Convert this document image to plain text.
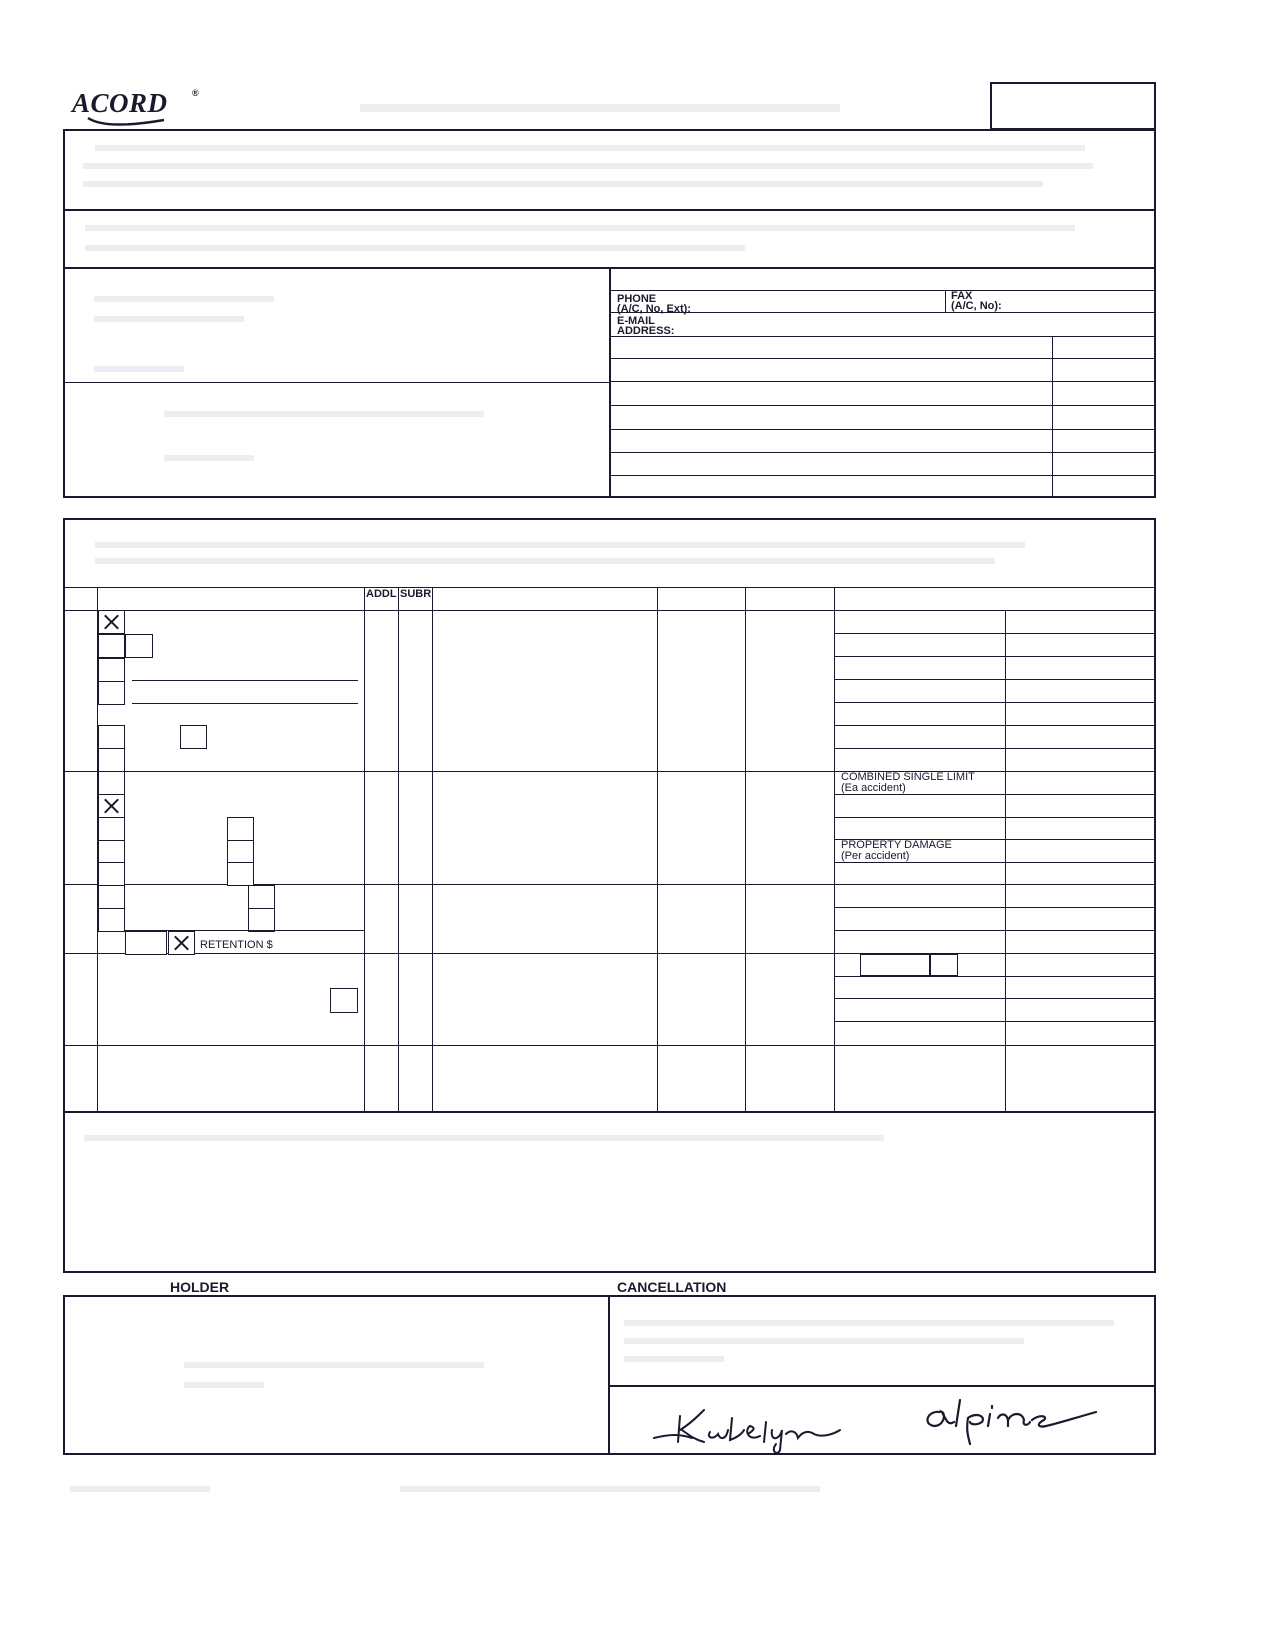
ACORD	®
PHONE
(A/C, No, Ext):
FAX
(A/C, No):
E-MAIL
ADDRESS:
ADDL SUBR
COMBINED SINGLE LIMIT
(Ea accident)
PROPERTY DAMAGE
(Per accident)
RETENTION $
HOLDER	CANCELLATION
